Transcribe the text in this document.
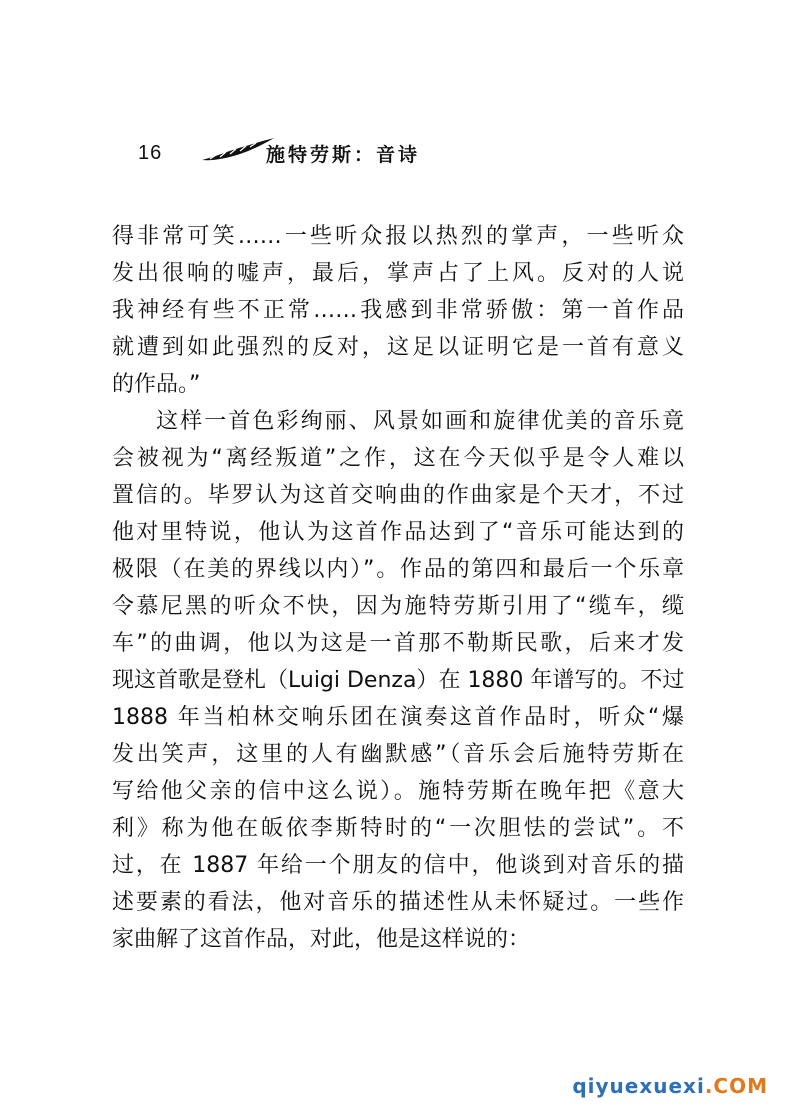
16	施特劳斯：音诗
得非常可笑……一些听众报以热烈的掌声，一些听众
发出很响的嘘声，最后，掌声占了上风。反对的人说
我神经有些不正常……我感到非常骄傲：第一首作品
就遭到如此强烈的反对，这足以证明它是一首有意义
的作品。”
这样一首色彩绚丽、风景如画和旋律优美的音乐竟
会被视为“离经叛道”之作，这在今天似乎是令人难以
置信的。毕罗认为这首交响曲的作曲家是个天才，不过
他对里特说，他认为这首作品达到了“音乐可能达到的
极限（在美的界线以内）”。作品的第四和最后一个乐章
令慕尼黑的听众不快，因为施特劳斯引用了“缆车，缆
车”的曲调，他以为这是一首那不勒斯民歌，后来才发
现这首歌是登札（Luigi Denza）在 1880 年谱写的。不过
1888 年当柏林交响乐团在演奏这首作品时，听众“爆
发出笑声，这里的人有幽默感”（音乐会后施特劳斯在
写给他父亲的信中这么说）。施特劳斯在晚年把《意大
利》称为他在皈依李斯特时的“一次胆怯的尝试”。不
过，在 1887 年给一个朋友的信中，他谈到对音乐的描
述要素的看法，他对音乐的描述性从未怀疑过。一些作
家曲解了这首作品，对此，他是这样说的：
qiyuexuexi.COM
